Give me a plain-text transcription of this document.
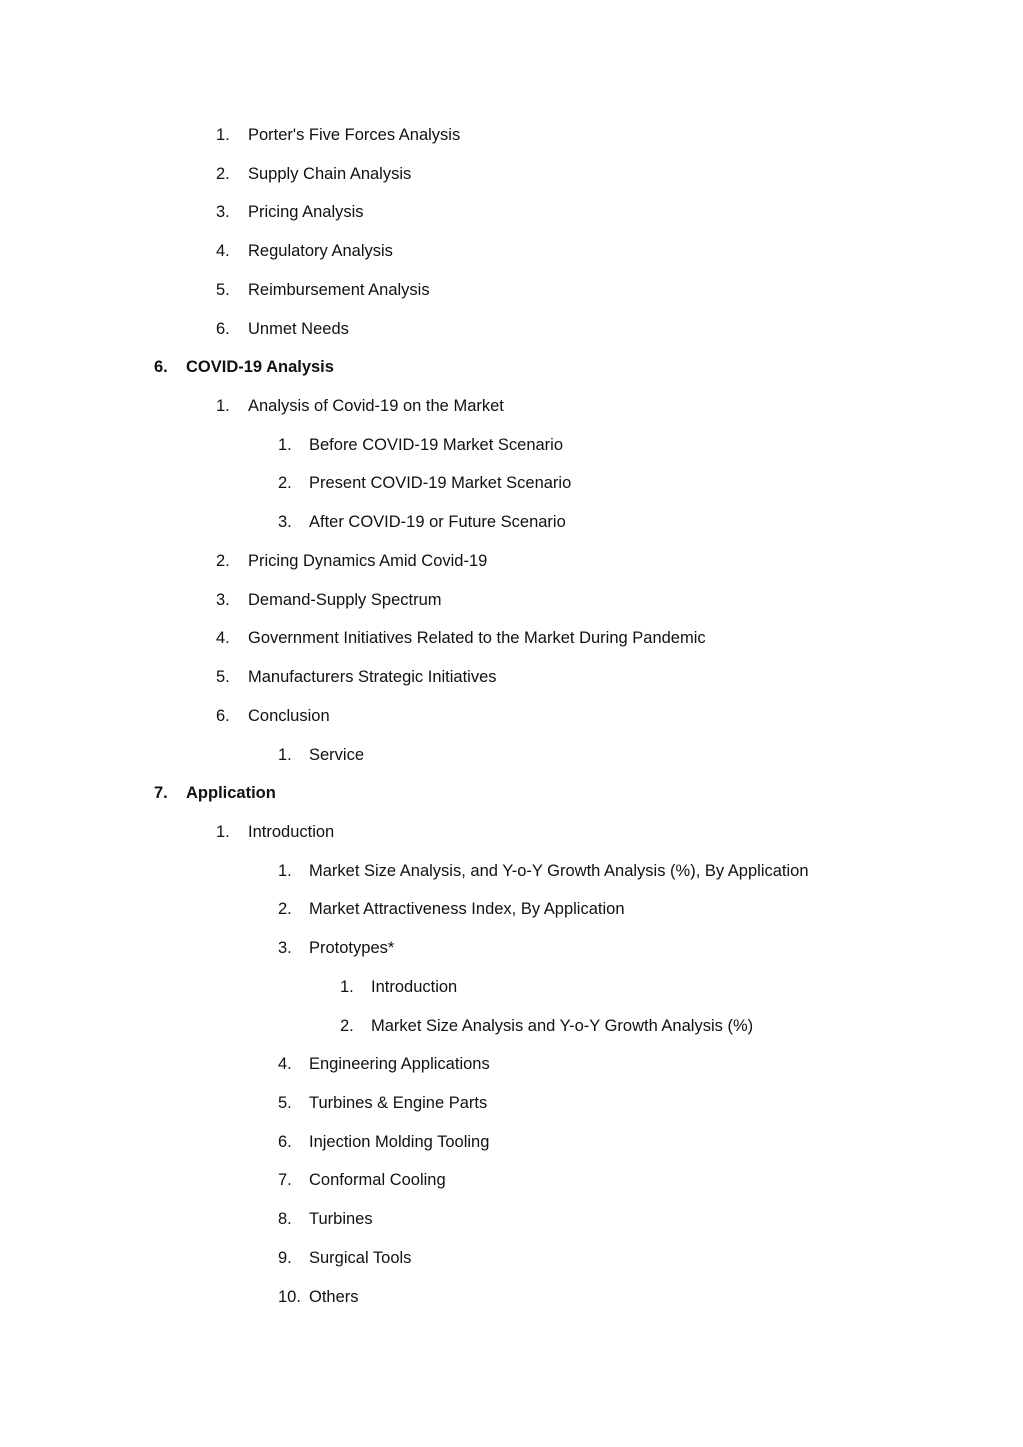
1. Porter's Five Forces Analysis
2. Supply Chain Analysis
3. Pricing Analysis
4. Regulatory Analysis
5. Reimbursement Analysis
6. Unmet Needs
6. COVID-19 Analysis
1. Analysis of Covid-19 on the Market
1. Before COVID-19 Market Scenario
2. Present COVID-19 Market Scenario
3. After COVID-19 or Future Scenario
2. Pricing Dynamics Amid Covid-19
3. Demand-Supply Spectrum
4. Government Initiatives Related to the Market During Pandemic
5. Manufacturers Strategic Initiatives
6. Conclusion
1. Service
7. Application
1. Introduction
1. Market Size Analysis, and Y-o-Y Growth Analysis (%), By Application
2. Market Attractiveness Index, By Application
3. Prototypes*
1. Introduction
2. Market Size Analysis and Y-o-Y Growth Analysis (%)
4. Engineering Applications
5. Turbines & Engine Parts
6. Injection Molding Tooling
7. Conformal Cooling
8. Turbines
9. Surgical Tools
10. Others
